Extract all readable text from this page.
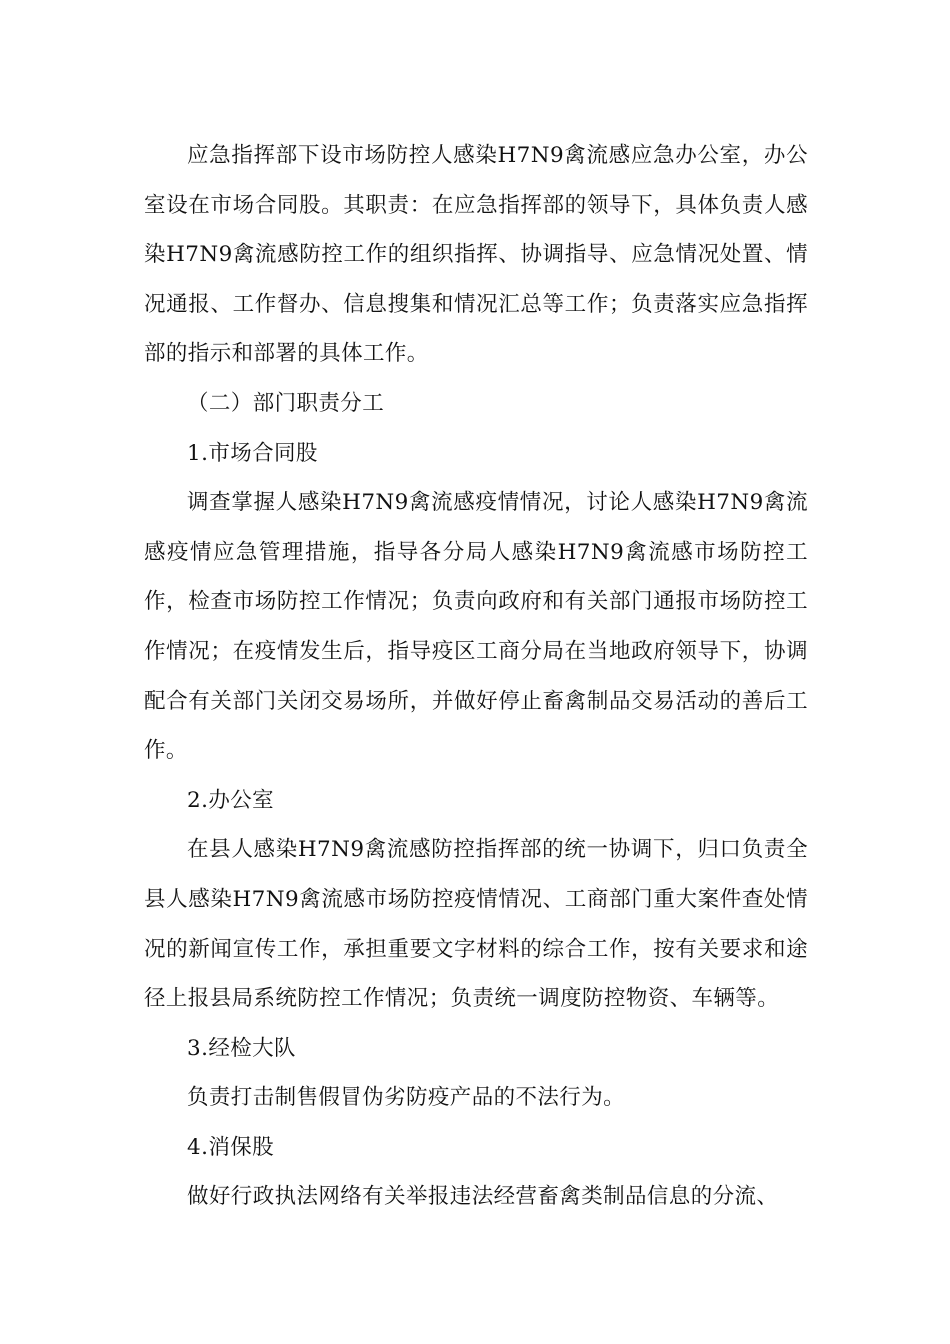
应急指挥部下设市场防控人感染H7N9禽流感应急办公室，办公室设在市场合同股。其职责：在应急指挥部的领导下，具体负责人感染H7N9禽流感防控工作的组织指挥、协调指导、应急情况处置、情况通报、工作督办、信息搜集和情况汇总等工作；负责落实应急指挥部的指示和部署的具体工作。

（二）部门职责分工

1.市场合同股

调查掌握人感染H7N9禽流感疫情情况，讨论人感染H7N9禽流感疫情应急管理措施，指导各分局人感染H7N9禽流感市场防控工作，检查市场防控工作情况；负责向政府和有关部门通报市场防控工作情况；在疫情发生后，指导疫区工商分局在当地政府领导下，协调配合有关部门关闭交易场所，并做好停止畜禽制品交易活动的善后工作。

2.办公室

在县人感染H7N9禽流感防控指挥部的统一协调下，归口负责全县人感染H7N9禽流感市场防控疫情情况、工商部门重大案件查处情况的新闻宣传工作，承担重要文字材料的综合工作，按有关要求和途径上报县局系统防控工作情况；负责统一调度防控物资、车辆等。

3.经检大队

负责打击制售假冒伪劣防疫产品的不法行为。

4.消保股

做好行政执法网络有关举报违法经营畜禽类制品信息的分流、
